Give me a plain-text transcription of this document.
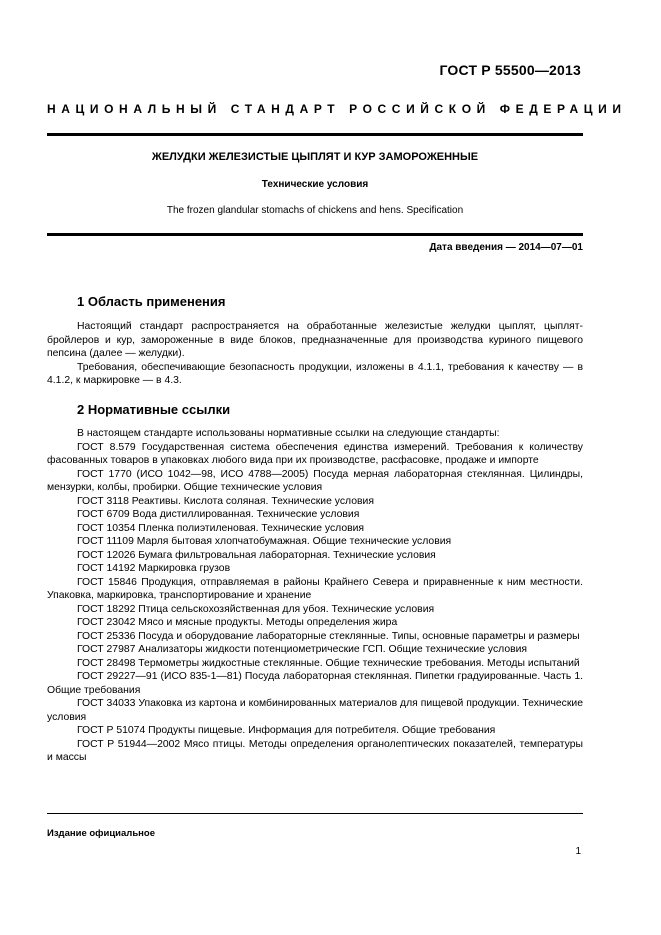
ГОСТ Р 55500—2013
НАЦИОНАЛЬНЫЙ СТАНДАРТ РОССИЙСКОЙ ФЕДЕРАЦИИ
ЖЕЛУДКИ ЖЕЛЕЗИСТЫЕ ЦЫПЛЯТ И КУР ЗАМОРОЖЕННЫЕ
Технические условия
The frozen glandular stomachs of chickens and hens. Specification
Дата введения — 2014—07—01
1 Область применения

Настоящий стандарт распространяется на обработанные железистые желудки цыплят, цыплят-бройлеров и кур, замороженные в виде блоков, предназначенные для производства куриного пищевого пепсина (далее — желудки).

Требования, обеспечивающие безопасность продукции, изложены в 4.1.1, требования к качеству — в 4.1.2, к маркировке — в 4.3.

2 Нормативные ссылки

В настоящем стандарте использованы нормативные ссылки на следующие стандарты:

ГОСТ 8.579 Государственная система обеспечения единства измерений. Требования к количеству фасованных товаров в упаковках любого вида при их производстве, расфасовке, продаже и импорте

ГОСТ 1770 (ИСО 1042—98, ИСО 4788—2005) Посуда мерная лабораторная стеклянная. Цилиндры, мензурки, колбы, пробирки. Общие технические условия

ГОСТ 3118 Реактивы. Кислота соляная. Технические условия

ГОСТ 6709 Вода дистиллированная. Технические условия

ГОСТ 10354 Пленка полиэтиленовая. Технические условия

ГОСТ 11109 Марля бытовая хлопчатобумажная. Общие технические условия

ГОСТ 12026 Бумага фильтровальная лабораторная. Технические условия

ГОСТ 14192 Маркировка грузов

ГОСТ 15846 Продукция, отправляемая в районы Крайнего Севера и приравненные к ним местности. Упаковка, маркировка, транспортирование и хранение

ГОСТ 18292 Птица сельскохозяйственная для убоя. Технические условия

ГОСТ 23042 Мясо и мясные продукты. Методы определения жира

ГОСТ 25336 Посуда и оборудование лабораторные стеклянные. Типы, основные параметры и размеры

ГОСТ 27987 Анализаторы жидкости потенциометрические ГСП. Общие технические условия

ГОСТ 28498 Термометры жидкостные стеклянные. Общие технические требования. Методы испытаний

ГОСТ 29227—91 (ИСО 835-1—81) Посуда лабораторная стеклянная. Пипетки градуированные. Часть 1. Общие требования

ГОСТ 34033 Упаковка из картона и комбинированных материалов для пищевой продукции. Технические условия

ГОСТ Р 51074 Продукты пищевые. Информация для потребителя. Общие требования

ГОСТ Р 51944—2002 Мясо птицы. Методы определения органолептических показателей, температуры и массы

Издание официальное
1
